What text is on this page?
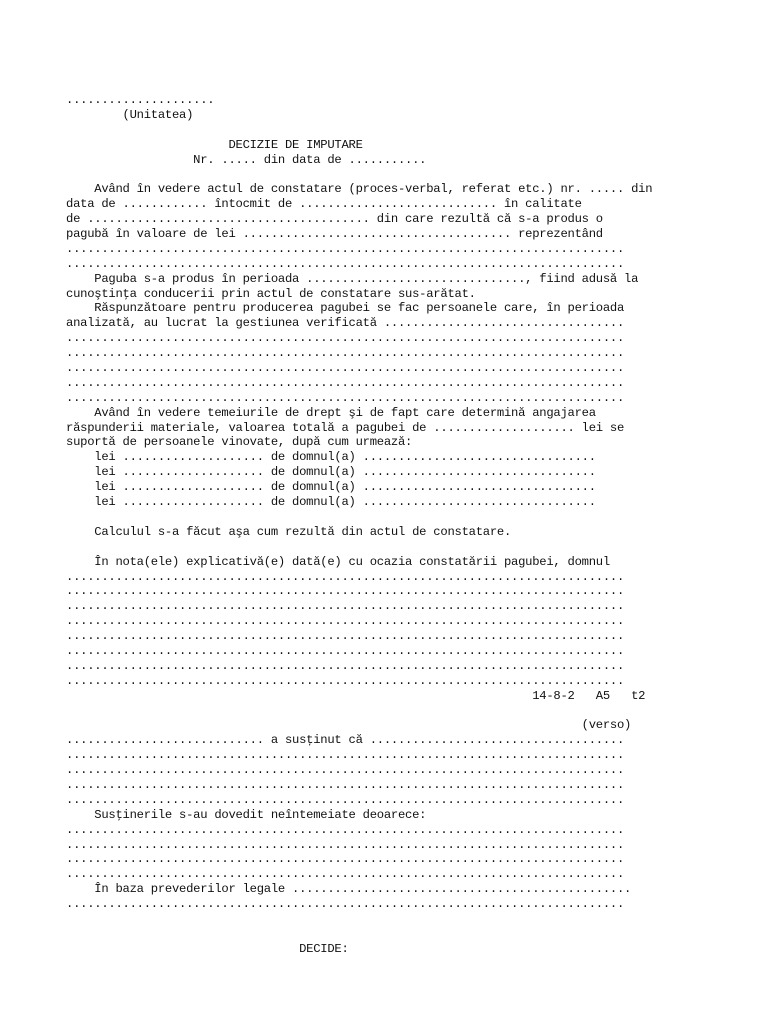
.....................
(Unitatea)
DECIZIE DE IMPUTARE
Nr. ..... din data de ...........
Având în vedere actul de constatare (proces-verbal, referat etc.) nr. ..... din
data de ............ întocmit de ............................ în calitate
de ........................................ din care rezultă că s-a produs o
pagubă în valoare de lei ...................................... reprezentând
...............................................................................
...............................................................................
Paguba s-a produs în perioada ..............................., fiind adusă la
cunoştinţa conducerii prin actul de constatare sus-arătat.
Răspunzătoare pentru producerea pagubei se fac persoanele care, în perioada
analizată, au lucrat la gestiunea verificată ..................................
...............................................................................
...............................................................................
...............................................................................
...............................................................................
...............................................................................
Având în vedere temeiurile de drept şi de fapt care determină angajarea
răspunderii materiale, valoarea totală a pagubei de .................... lei se
suportă de persoanele vinovate, după cum urmează:
lei .................... de domnul(a) .................................
lei .................... de domnul(a) .................................
lei .................... de domnul(a) .................................
lei .................... de domnul(a) .................................
Calculul s-a făcut aşa cum rezultă din actul de constatare.
În nota(ele) explicativă(e) dată(e) cu ocazia constatării pagubei, domnul
...............................................................................
...............................................................................
...............................................................................
...............................................................................
...............................................................................
...............................................................................
...............................................................................
...............................................................................
14-8-2   A5   t2
(verso)
............................ a susţinut că ....................................
...............................................................................
...............................................................................
...............................................................................
...............................................................................
Susţinerile s-au dovedit neîntemeiate deoarece:
...............................................................................
...............................................................................
...............................................................................
...............................................................................
În baza prevederilor legale ................................................
...............................................................................
DECIDE:
